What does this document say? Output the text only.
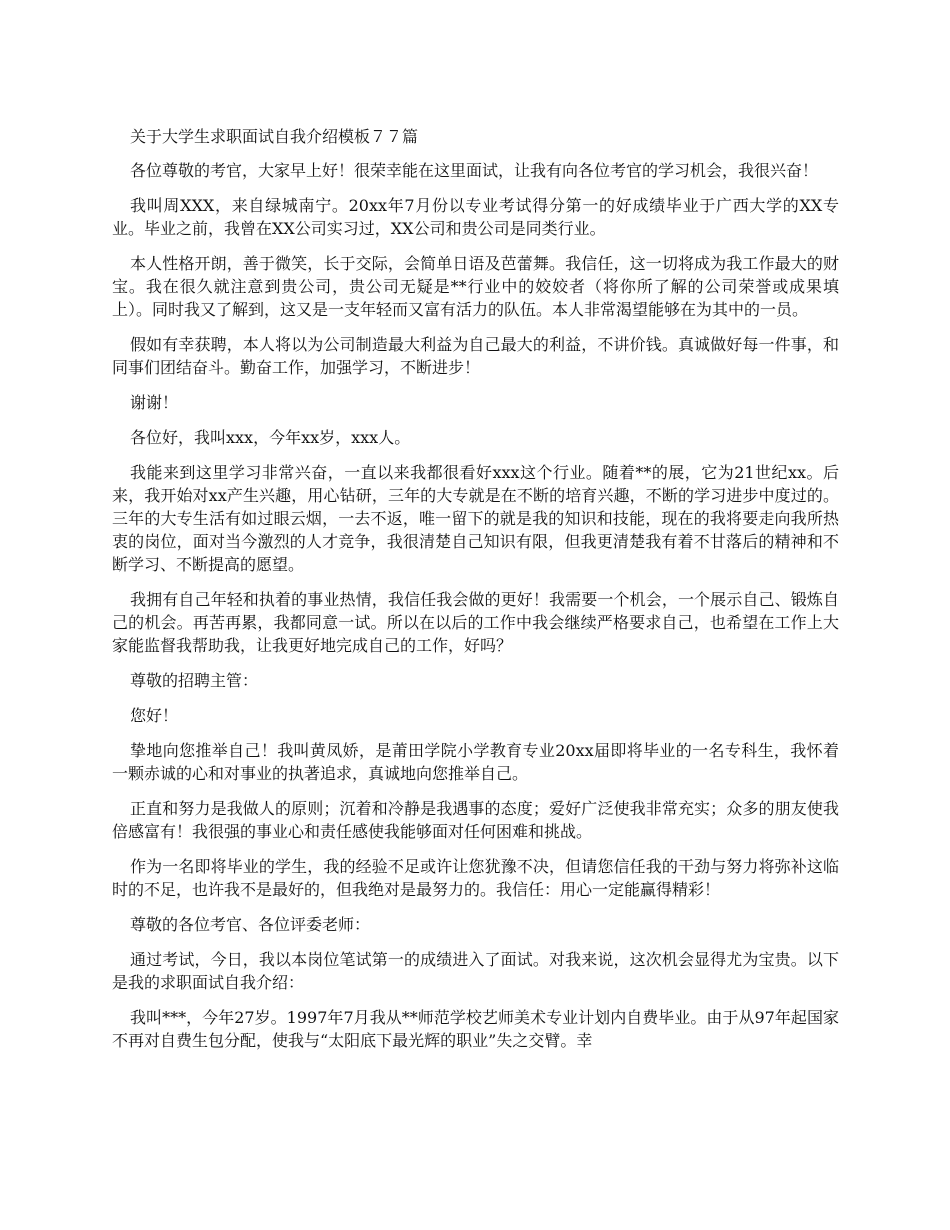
关于大学生求职面试自我介绍模板７７篇

各位尊敬的考官，大家早上好！很荣幸能在这里面试，让我有向各位考官的学习机会，我很兴奋！

我叫周XXX，来自绿城南宁。20xx年7月份以专业考试得分第一的好成绩毕业于广西大学的XX专业。毕业之前，我曾在XX公司实习过，XX公司和贵公司是同类行业。

本人性格开朗，善于微笑，长于交际，会简单日语及芭蕾舞。我信任，这一切将成为我工作最大的财宝。我在很久就注意到贵公司，贵公司无疑是**行业中的姣姣者（将你所了解的公司荣誉或成果填上）。同时我又了解到，这又是一支年轻而又富有活力的队伍。本人非常渴望能够在为其中的一员。

假如有幸获聘，本人将以为公司制造最大利益为自己最大的利益，不讲价钱。真诚做好每一件事，和同事们团结奋斗。勤奋工作，加强学习，不断进步！

谢谢！

各位好，我叫xxx，今年xx岁，xxx人。

我能来到这里学习非常兴奋，一直以来我都很看好xxx这个行业。随着**的展，它为21世纪xx。后来，我开始对xx产生兴趣，用心钻研，三年的大专就是在不断的培育兴趣，不断的学习进步中度过的。三年的大专生活有如过眼云烟，一去不返，唯一留下的就是我的知识和技能，现在的我将要走向我所热衷的岗位，面对当今激烈的人才竞争，我很清楚自己知识有限，但我更清楚我有着不甘落后的精神和不断学习、不断提高的愿望。

我拥有自己年轻和执着的事业热情，我信任我会做的更好！我需要一个机会，一个展示自己、锻炼自己的机会。再苦再累，我都同意一试。所以在以后的工作中我会继续严格要求自己，也希望在工作上大家能监督我帮助我，让我更好地完成自己的工作，好吗？

尊敬的招聘主管：

您好！

挚地向您推举自己！我叫黄凤娇，是莆田学院小学教育专业20xx届即将毕业的一名专科生，我怀着一颗赤诚的心和对事业的执著追求，真诚地向您推举自己。

正直和努力是我做人的原则；沉着和冷静是我遇事的态度；爱好广泛使我非常充实；众多的朋友使我倍感富有！我很强的事业心和责任感使我能够面对任何困难和挑战。

作为一名即将毕业的学生，我的经验不足或许让您犹豫不决，但请您信任我的干劲与努力将弥补这临时的不足，也许我不是最好的，但我绝对是最努力的。我信任：用心一定能赢得精彩！

尊敬的各位考官、各位评委老师：

通过考试，今日，我以本岗位笔试第一的成绩进入了面试。对我来说，这次机会显得尤为宝贵。以下是我的求职面试自我介绍：

我叫***，今年27岁。1997年7月我从**师范学校艺师美术专业计划内自费毕业。由于从97年起国家不再对自费生包分配，使我与“太阳底下最光辉的职业”失之交臂。幸
